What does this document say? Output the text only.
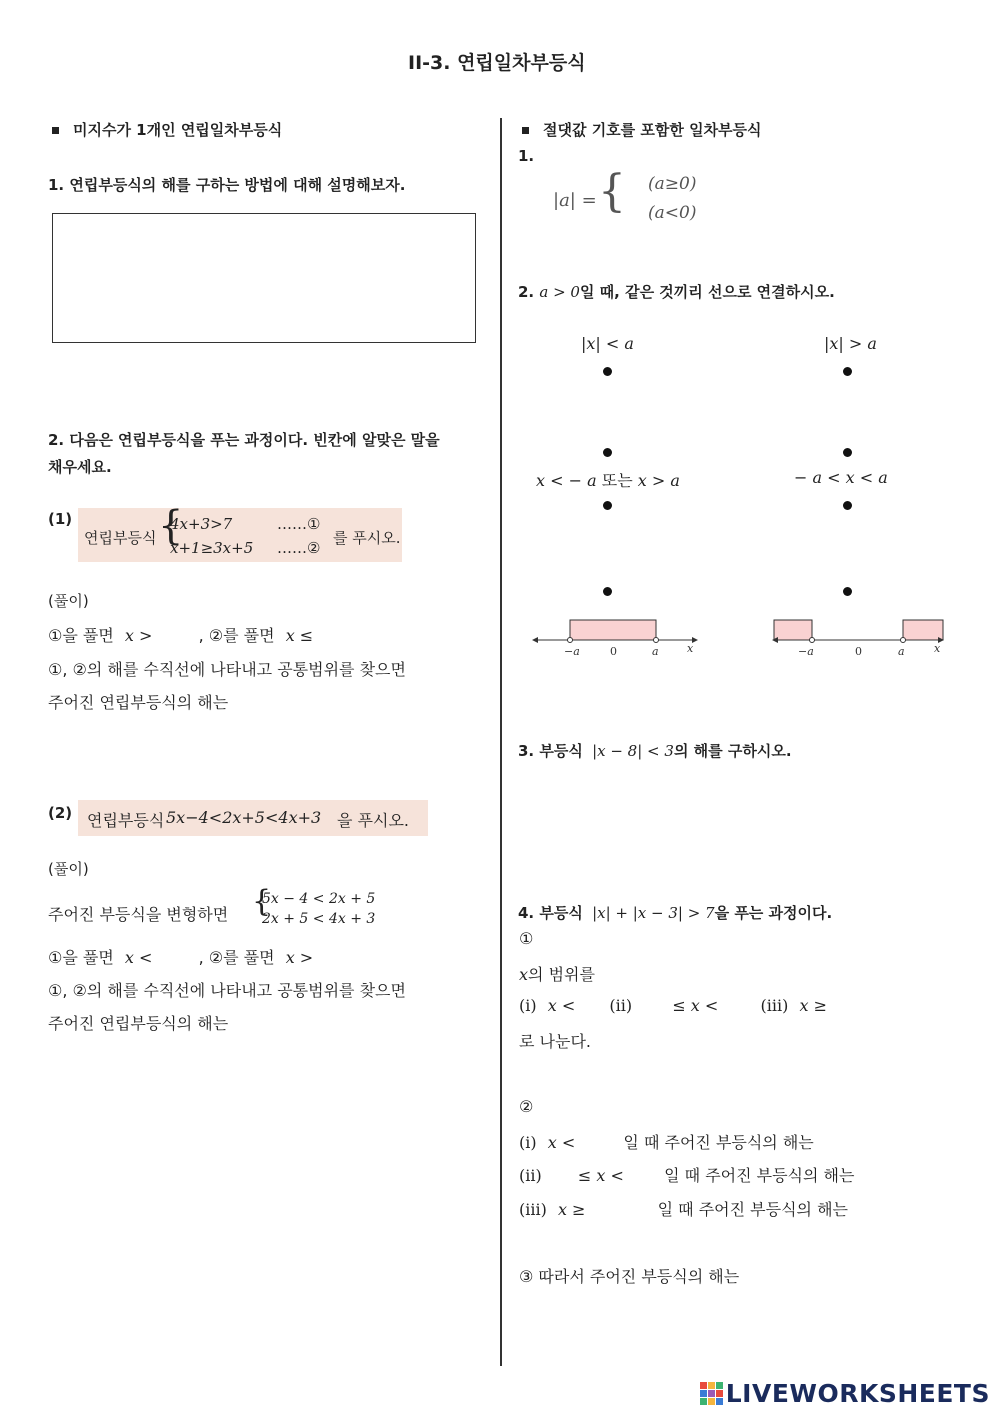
II-3. 연립일차부등식
미지수가 1개인 연립일차부등식
1. 연립부등식의 해를 구하는 방법에 대해 설명해보자.
2. 다음은 연립부등식을 푸는 과정이다. 빈칸에 알맞은 말을
채우세요.
(1)
연립부등식 {
4x+3>7	……①
x+1≥3x+5 ……②
를 푸시오.
(풀이)
①을 풀면 x >	, ②를 풀면 x ≤
①, ②의 해를 수직선에 나타내고 공통범위를 찾으면
주어진 연립부등식의 해는
(2) 연립부등식 5x−4<2x+5<4x+3 을 푸시오.
(풀이)
주어진 부등식을 변형하면 {
5x − 4 < 2x + 5
2x + 5 < 4x + 3
①을 풀면 x <	, ②를 풀면 x >
①, ②의 해를 수직선에 나타내고 공통범위를 찾으면
주어진 연립부등식의 해는
절댓값 기호를 포함한 일차부등식
1.
|a| = { (a≥0)
(a<0)
2. a > 0일 때, 같은 것끼리 선으로 연결하시오.
|x| < a	|x| > a
x < − a 또는 x > a	− a < x < a
−a	0	a	x	−a	0	a	x
3. 부등식 |x − 8| < 3의 해를 구하시오.
4. 부등식 |x| + |x − 3| > 7을 푸는 과정이다.
①
x의 범위를
(i) x < (ii)	≤ x <	(iii) x ≥
로 나눈다.
②
(i) x <	일 때 주어진 부등식의 해는
(ii) ≤ x <	일 때 주어진 부등식의 해는
(iii) x ≥	일 때 주어진 부등식의 해는
③ 따라서 주어진 부등식의 해는
LIVEWORKSHEETS
